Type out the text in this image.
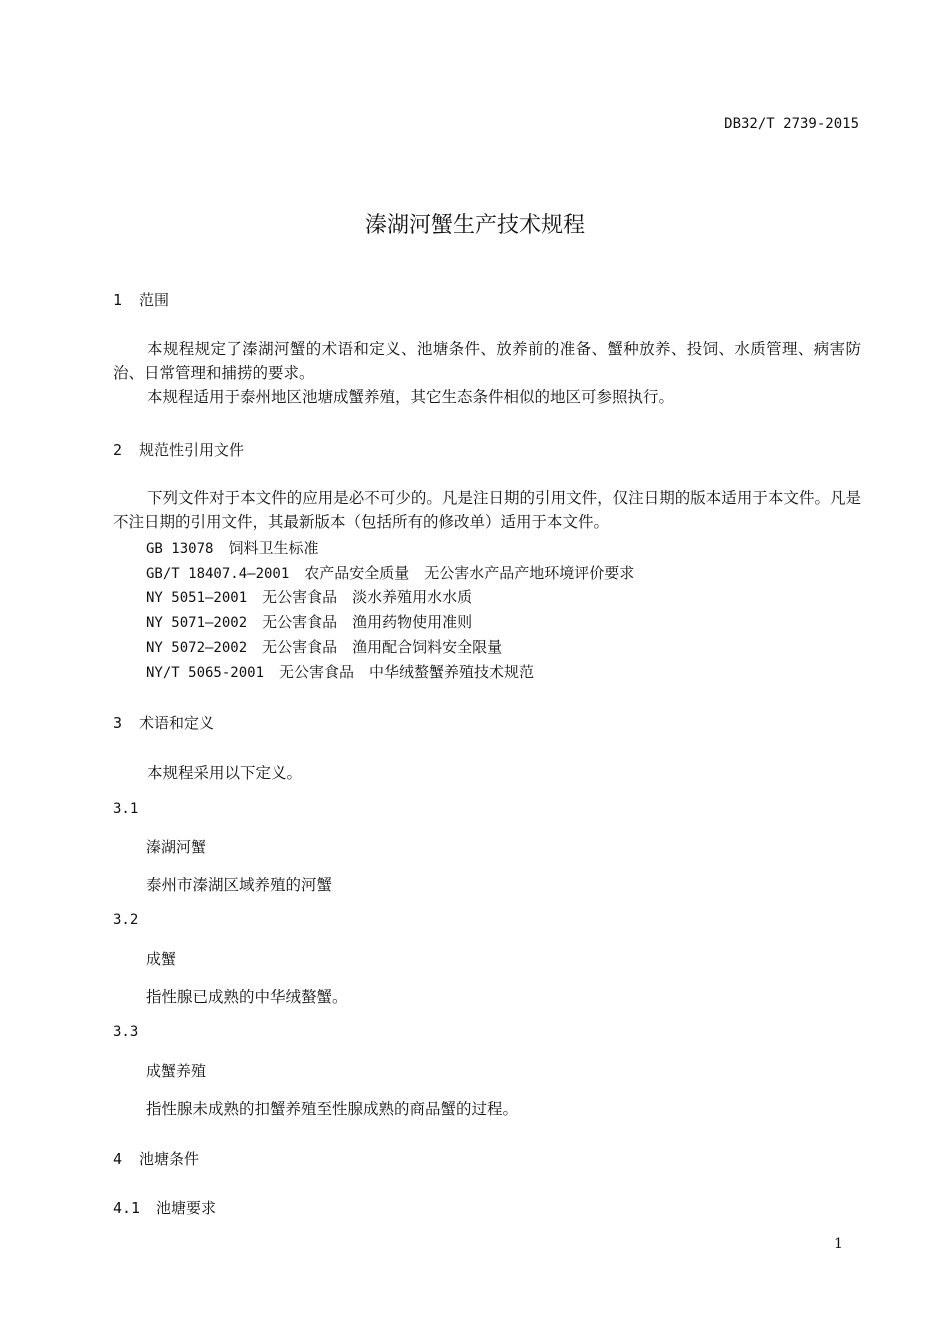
DB32/T 2739-2015
溱湖河蟹生产技术规程
1 范围
本规程规定了溱湖河蟹的术语和定义、池塘条件、放养前的准备、蟹种放养、投饲、水质管理、病害防治、日常管理和捕捞的要求。
本规程适用于泰州地区池塘成蟹养殖，其它生态条件相似的地区可参照执行。
2 规范性引用文件
下列文件对于本文件的应用是必不可少的。凡是注日期的引用文件，仅注日期的版本适用于本文件。凡是不注日期的引用文件，其最新版本（包括所有的修改单）适用于本文件。
GB 13078  饲料卫生标准
GB/T 18407.4—2001  农产品安全质量　无公害水产品产地环境评价要求
NY 5051—2001  无公害食品　淡水养殖用水水质
NY 5071—2002  无公害食品　渔用药物使用准则
NY 5072—2002  无公害食品　渔用配合饲料安全限量
NY/T 5065-2001  无公害食品　中华绒螯蟹养殖技术规范
3 术语和定义
本规程采用以下定义。
3.1
溱湖河蟹
泰州市溱湖区域养殖的河蟹
3.2
成蟹
指性腺已成熟的中华绒螯蟹。
3.3
成蟹养殖
指性腺未成熟的扣蟹养殖至性腺成熟的商品蟹的过程。
4 池塘条件
4.1 池塘要求
1
